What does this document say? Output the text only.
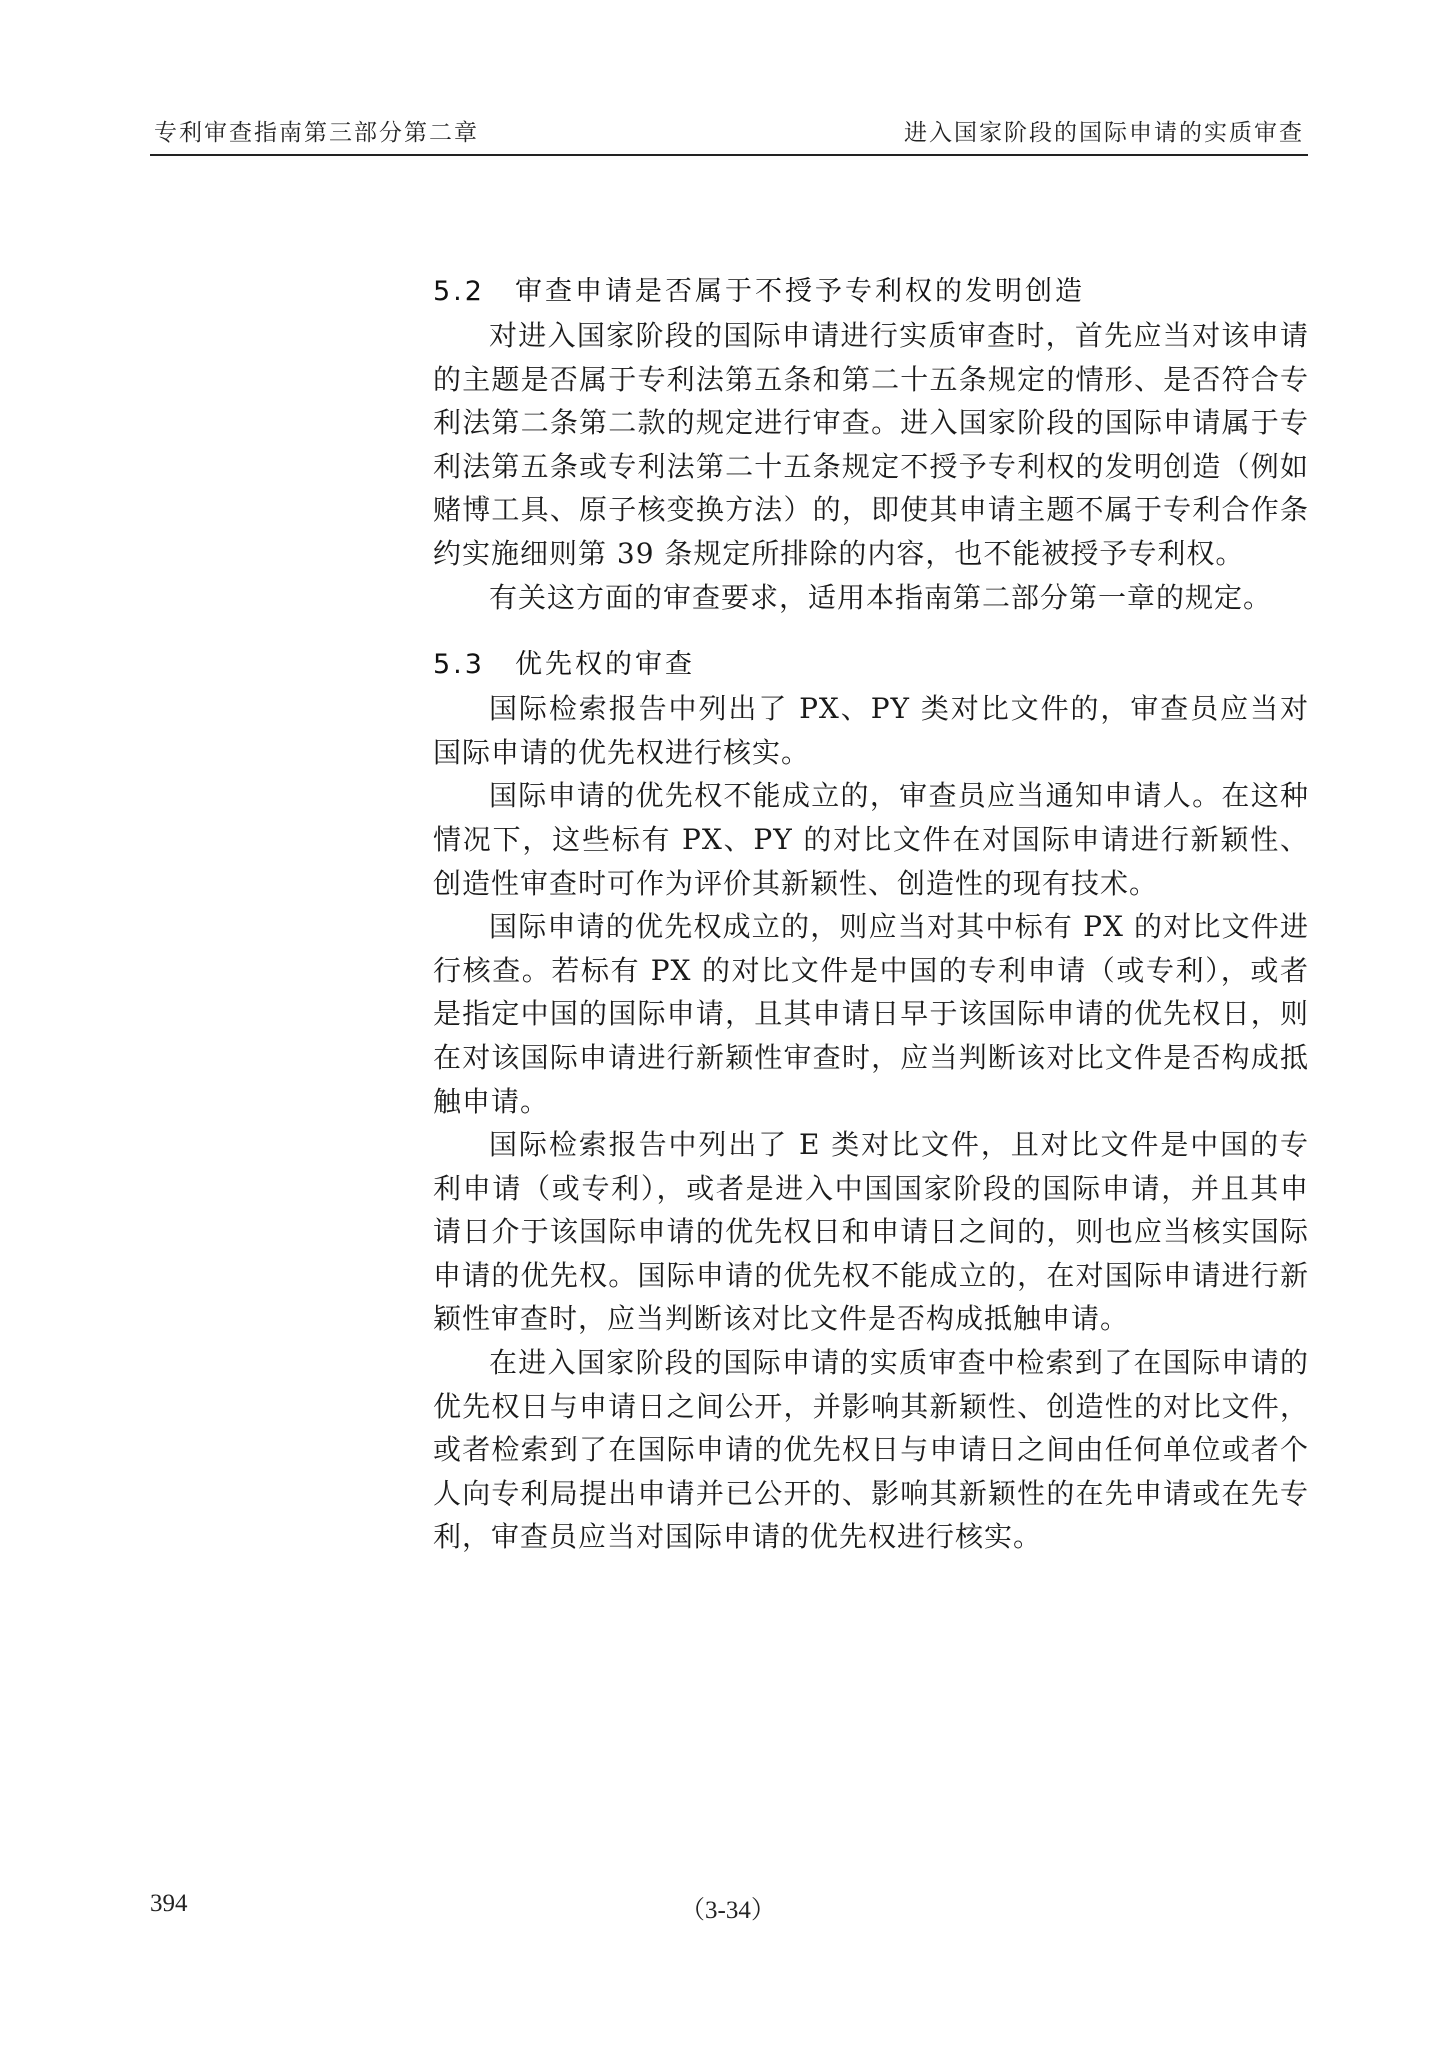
专利审查指南第三部分第二章	进入国家阶段的国际申请的实质审查
5.2 审查申请是否属于不授予专利权的发明创造

对进入国家阶段的国际申请进行实质审查时，首先应当对该申请的主题是否属于专利法第五条和第二十五条规定的情形、是否符合专利法第二条第二款的规定进行审查。进入国家阶段的国际申请属于专利法第五条或专利法第二十五条规定不授予专利权的发明创造（例如赌博工具、原子核变换方法）的，即使其申请主题不属于专利合作条约实施细则第 39 条规定所排除的内容，也不能被授予专利权。

有关这方面的审查要求，适用本指南第二部分第一章的规定。

5.3 优先权的审查

国际检索报告中列出了 PX、PY 类对比文件的，审查员应当对国际申请的优先权进行核实。

国际申请的优先权不能成立的，审查员应当通知申请人。在这种情况下，这些标有 PX、PY 的对比文件在对国际申请进行新颖性、创造性审查时可作为评价其新颖性、创造性的现有技术。

国际申请的优先权成立的，则应当对其中标有 PX 的对比文件进行核查。若标有 PX 的对比文件是中国的专利申请（或专利），或者是指定中国的国际申请，且其申请日早于该国际申请的优先权日，则在对该国际申请进行新颖性审查时，应当判断该对比文件是否构成抵触申请。

国际检索报告中列出了 E 类对比文件，且对比文件是中国的专利申请（或专利），或者是进入中国国家阶段的国际申请，并且其申请日介于该国际申请的优先权日和申请日之间的，则也应当核实国际申请的优先权。国际申请的优先权不能成立的，在对国际申请进行新颖性审查时，应当判断该对比文件是否构成抵触申请。

在进入国家阶段的国际申请的实质审查中检索到了在国际申请的优先权日与申请日之间公开，并影响其新颖性、创造性的对比文件，或者检索到了在国际申请的优先权日与申请日之间由任何单位或者个人向专利局提出申请并已公开的、影响其新颖性的在先申请或在先专利，审查员应当对国际申请的优先权进行核实。

394	（3-34）
